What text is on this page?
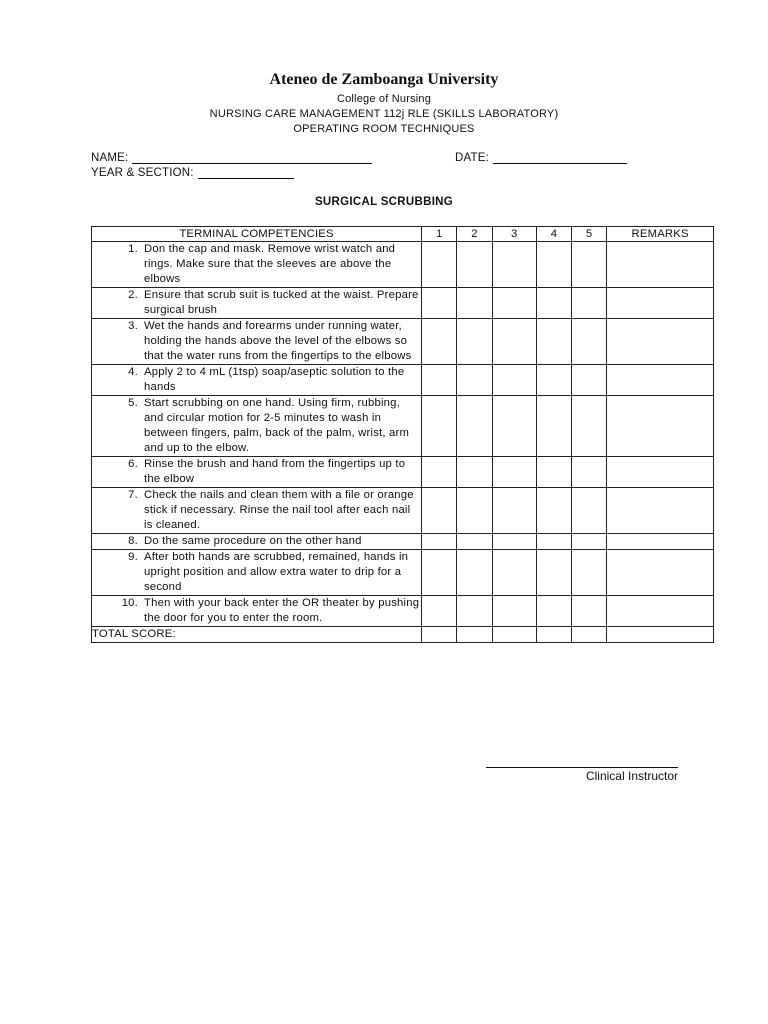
Ateneo de Zamboanga University
College of Nursing
NURSING CARE MANAGEMENT 112j RLE (SKILLS LABORATORY)
OPERATING ROOM TECHNIQUES
NAME:	DATE:
YEAR & SECTION:
SURGICAL SCRUBBING
TERMINAL COMPETENCIES	1	2	3	4	5	REMARKS

1. Don the cap and mask. Remove wrist watch and rings. Make sure that the sleeves are above the elbows						

2. Ensure that scrub suit is tucked at the waist. Prepare surgical brush						

3. Wet the hands and forearms under running water, holding the hands above the level of the elbows so that the water runs from the fingertips to the elbows						

4. Apply 2 to 4 mL (1tsp) soap/aseptic solution to the hands						

5. Start scrubbing on one hand. Using firm, rubbing, and circular motion for 2-5 minutes to wash in between fingers, palm, back of the palm, wrist, arm and up to the elbow.						

6. Rinse the brush and hand from the fingertips up to the elbow						

7. Check the nails and clean them with a file or orange stick if necessary. Rinse the nail tool after each nail is cleaned.						

8. Do the same procedure on the other hand						

9. After both hands are scrubbed, remained, hands in upright position and allow extra water to drip for a second						

10. Then with your back enter the OR theater by pushing the door for you to enter the room.						

TOTAL SCORE:						
Clinical Instructor
